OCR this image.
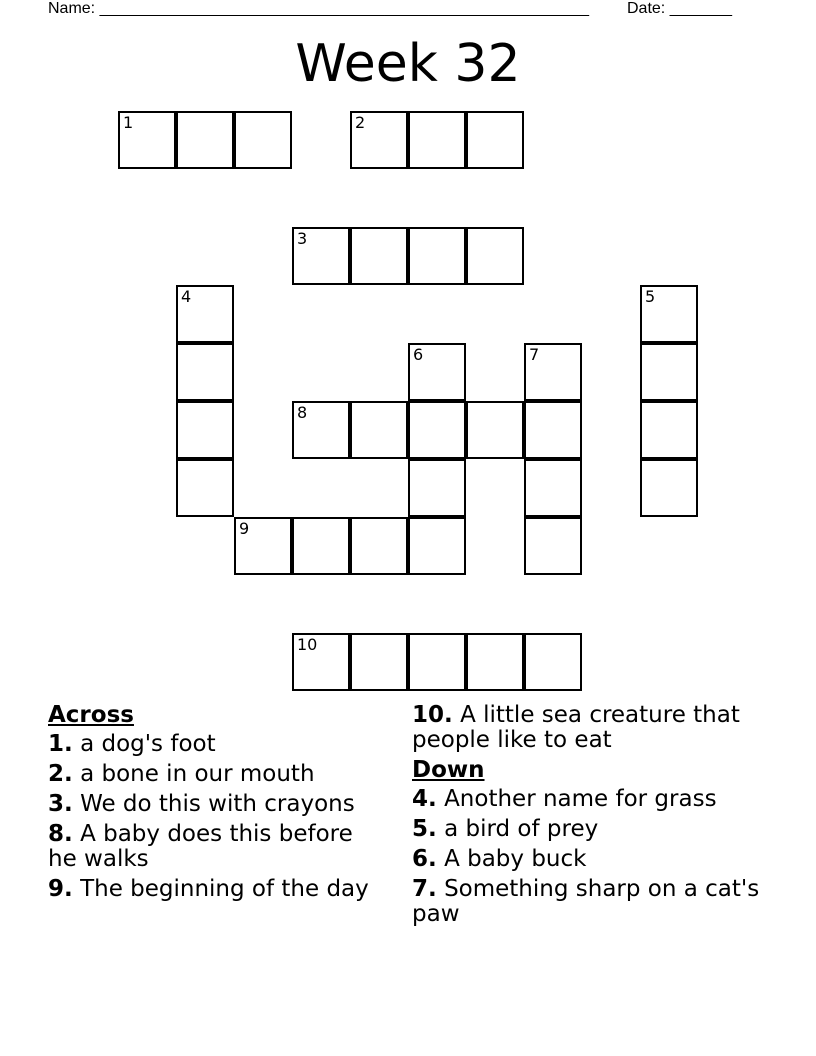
Name: _______________________________________________________ Date: _______
Week 32
1	2
3
4	5
6	7
8
9
10
Across
1. a dog's foot
2. a bone in our mouth
3. We do this with crayons
8. A baby does this before he walks
9. The beginning of the day
10. A little sea creature that people like to eat
Down
4. Another name for grass
5. a bird of prey
6. A baby buck
7. Something sharp on a cat's paw
